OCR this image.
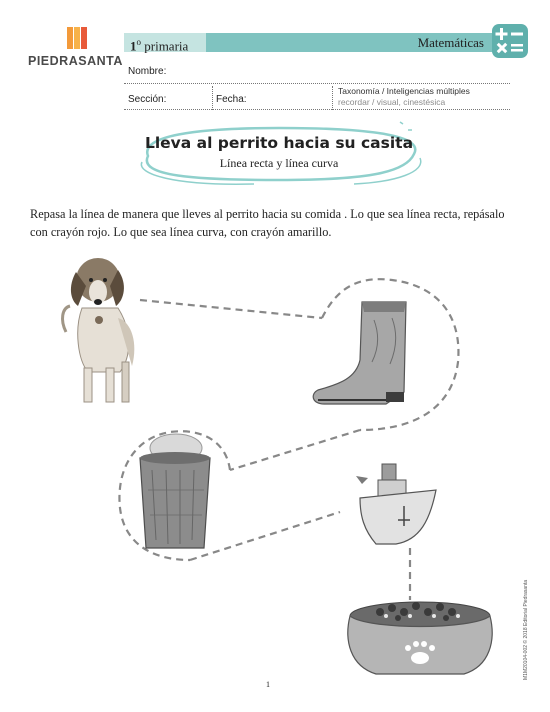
PIEDRASANTA
1$^o$ primaria	Matemáticas
Nombre:
Sección:	Fecha:
Taxonomía / Inteligencias múltiples
recordar / visual, cinestésica
Lleva al perrito hacia su casita
Línea recta y línea curva
Repasa la línea de manera que lleves al perrito hacia su comida . Lo que sea línea recta, repásalo con crayón rojo. Lo que sea línea curva, con crayón amarillo.
1
M1M20104-002 © 2018 Editorial Piedrasanta
